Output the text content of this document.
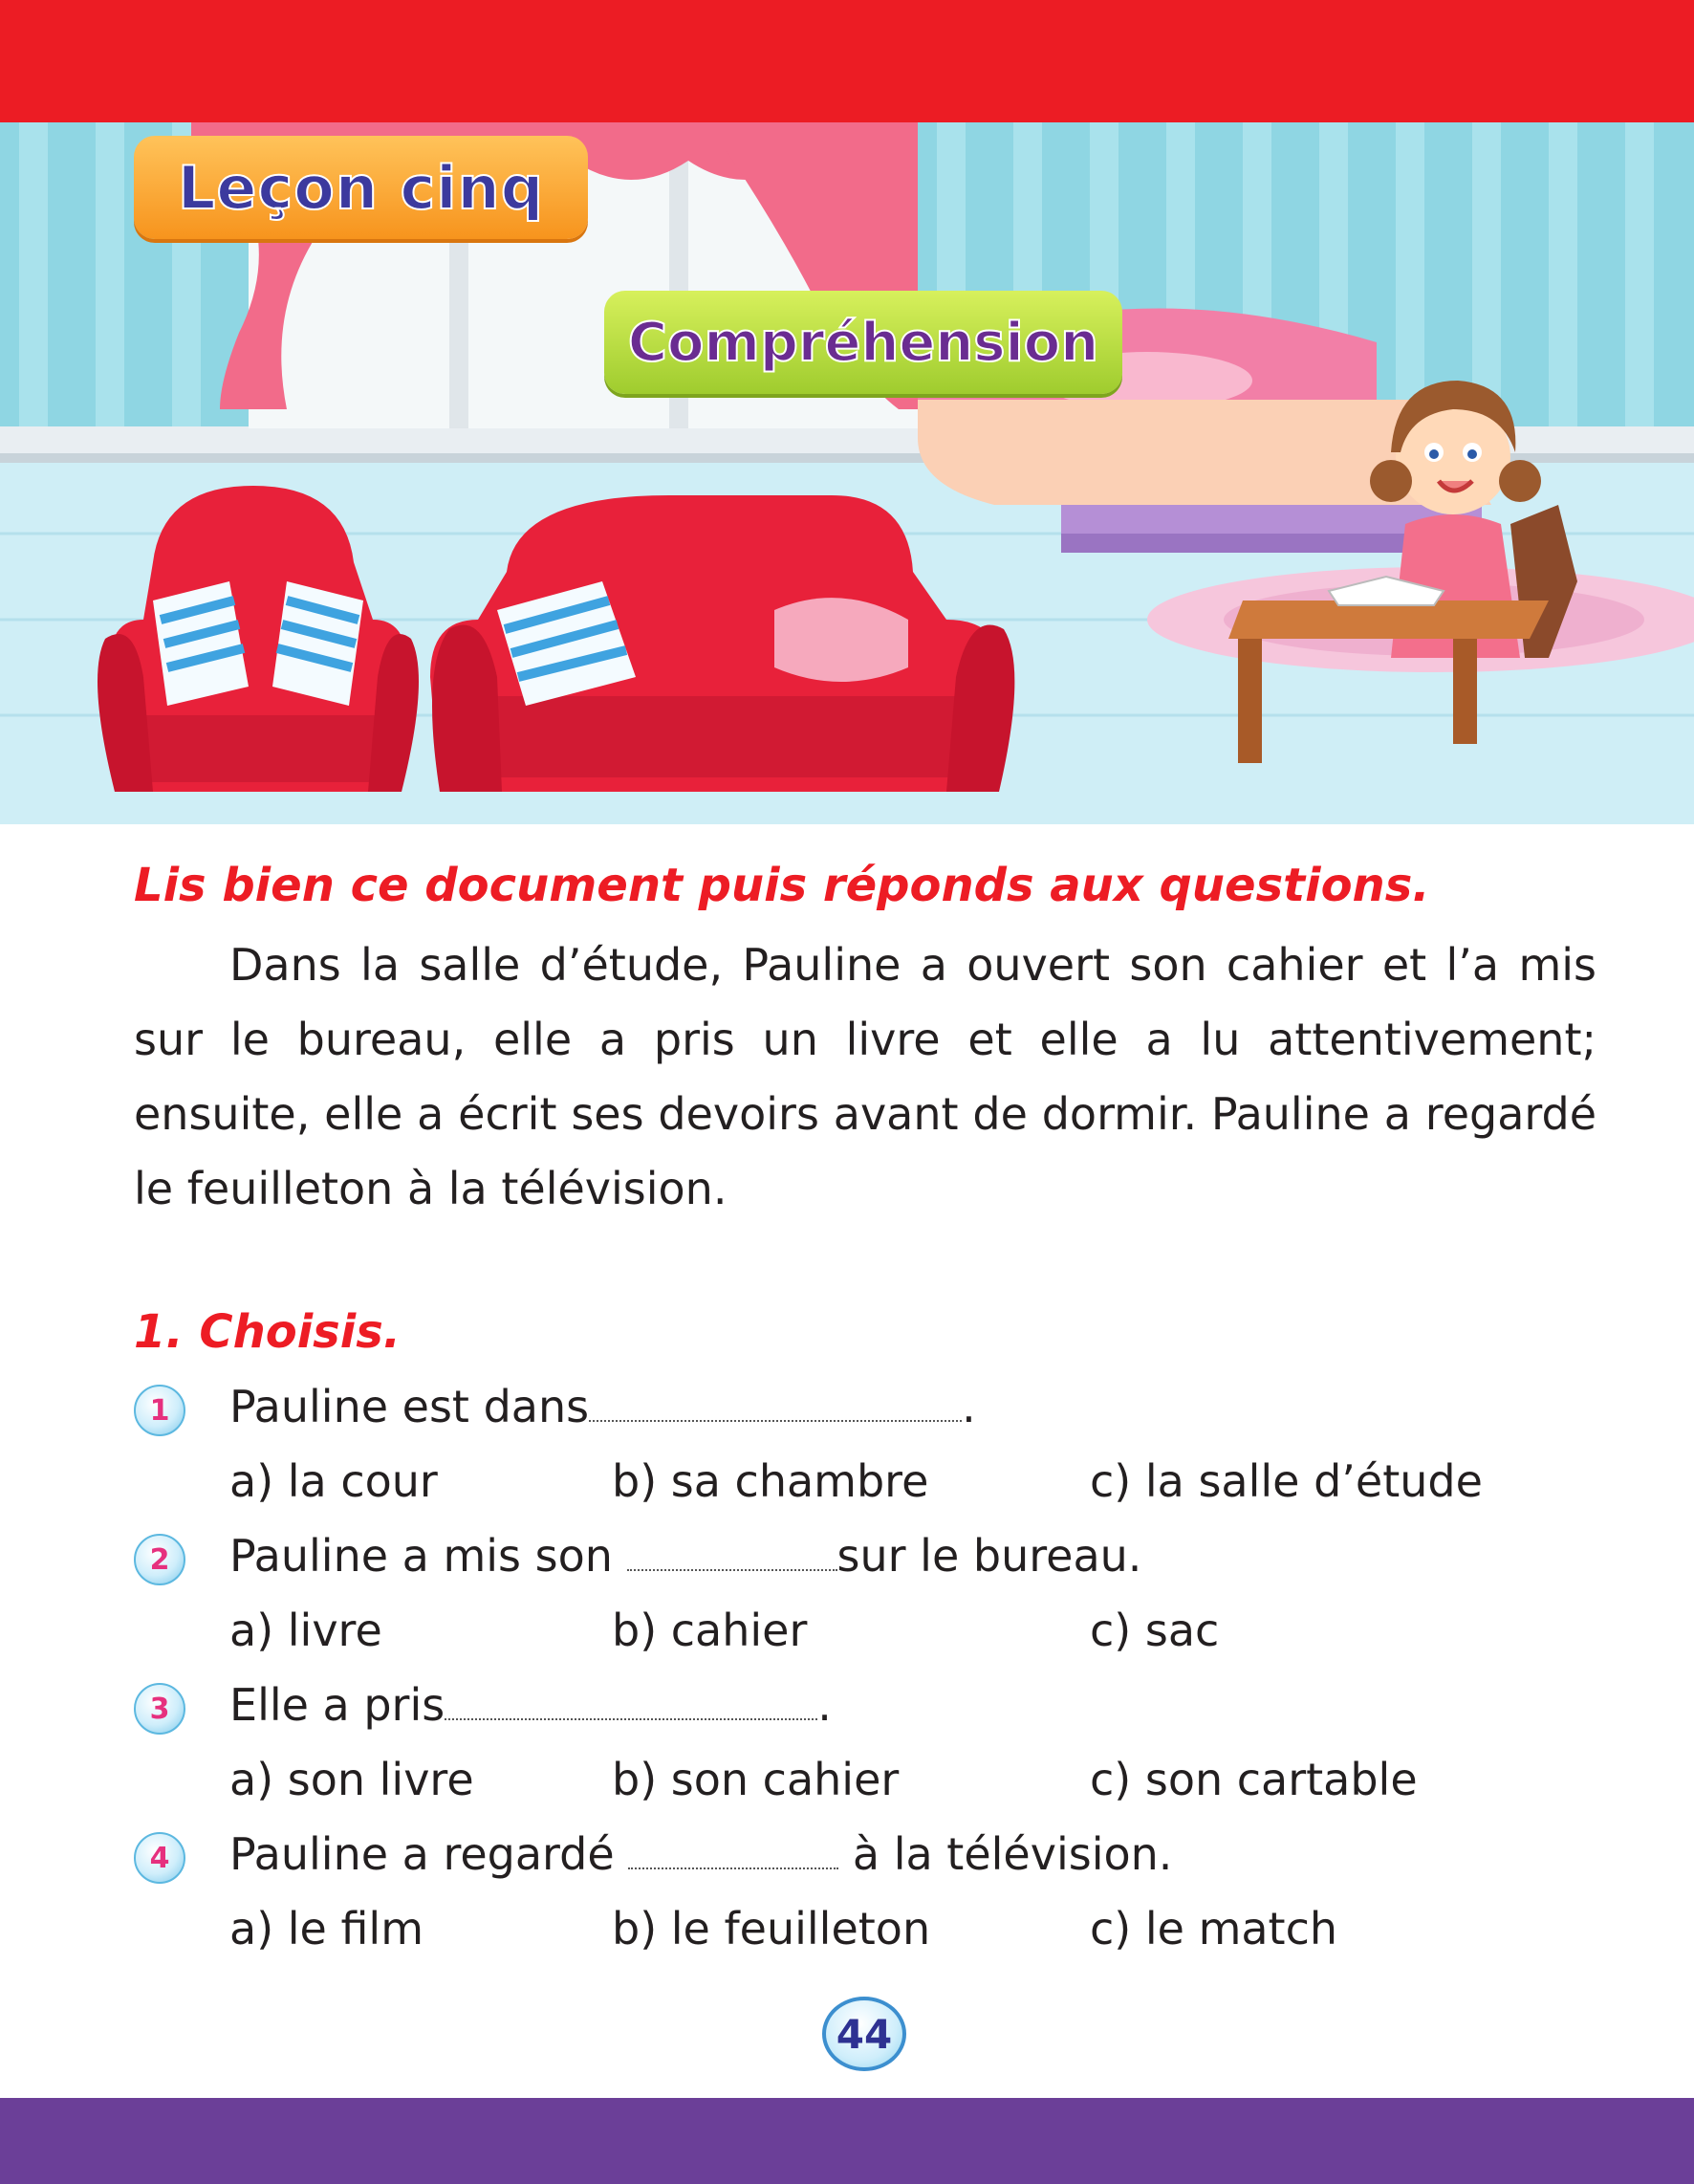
Leçon cinq
Compréhension
Lis bien ce document puis réponds aux questions.

Dans la salle d’étude, Pauline a ouvert son cahier et l’a mis sur le bureau, elle a pris un livre et elle a lu attentivement; ensuite, elle a écrit ses devoirs avant de dormir. Pauline a regardé le feuilleton à la télévision.

1. Choisis.
1 Pauline est dans	.
a) la cour	b) sa chambre	c) la salle d’étude
2 Pauline a mis son	sur le bureau.
a) livre	b) cahier	c) sac
3 Elle a pris	.
a) son livre	b) son cahier	c) son cartable
4 Pauline a regardé	à la télévision.
a) le film	b) le feuilleton	c) le match
44
